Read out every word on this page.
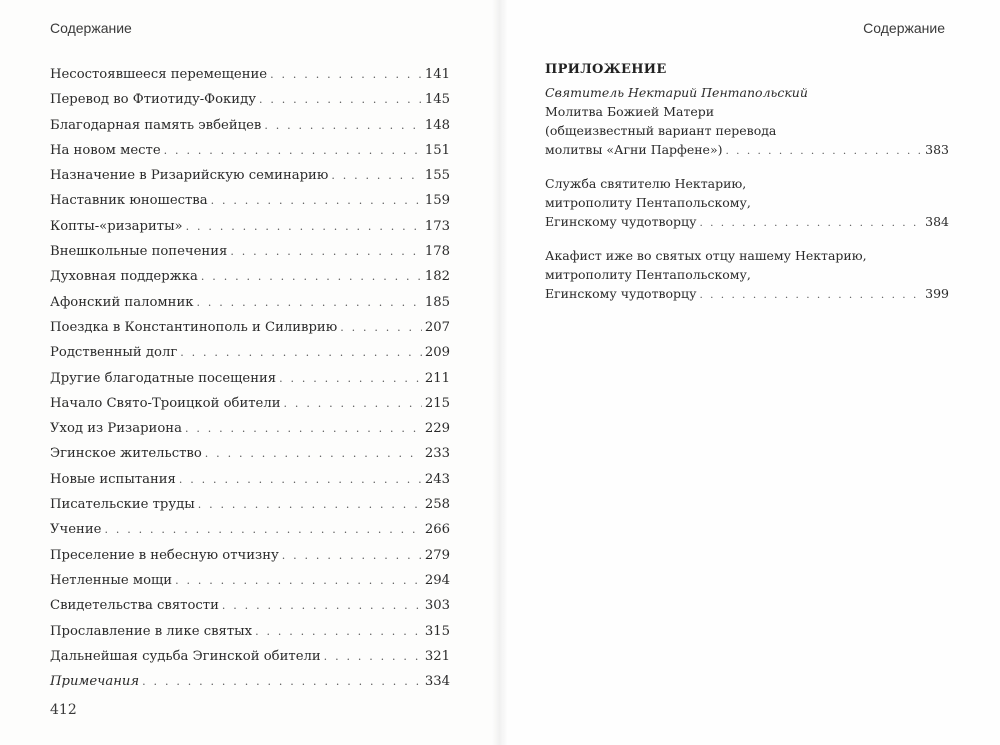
Содержание
Несостоявшееся перемещение . . .	141
Перевод во Фтиотиду-Фокиду . . .	145
Благодарная память эвбейцев . . .	148
На новом месте . . .	151
Назначение в Ризарийскую семинарию . . .	155
Наставник юношества . . .	159
Копты-«ризариты» . . .	173
Внешкольные попечения . . .	178
Духовная поддержка . . .	182
Афонский паломник . . .	185
Поездка в Константинополь и Силиврию . . .	207
Родственный долг . . .	209
Другие благодатные посещения . . .	211
Начало Свято-Троицкой обители . . .	215
Уход из Ризариона . . .	229
Эгинское жительство . . .	233
Новые испытания . . .	243
Писательские труды . . .	258
Учение . . .	266
Преселение в небесную отчизну . . .	279
Нетленные мощи . . .	294
Свидетельства святости . . .	303
Прославление в лике святых . . .	315
Дальнейшая судьба Эгинской обители . . .	321
Примечания . . .	334
412
Содержание
ПРИЛОЖЕНИЕ
Святитель Нектарий Пентапольский
Молитва Божией Матери
(общеизвестный вариант перевода
молитвы «Агни Парфене») . . .	383
Служба святителю Нектарию,
митрополиту Пентапольскому,
Егинскому чудотворцу . . .	384
Акафист иже во святых отцу нашему Нектарию,
митрополиту Пентапольскому,
Егинскому чудотворцу . . .	399
